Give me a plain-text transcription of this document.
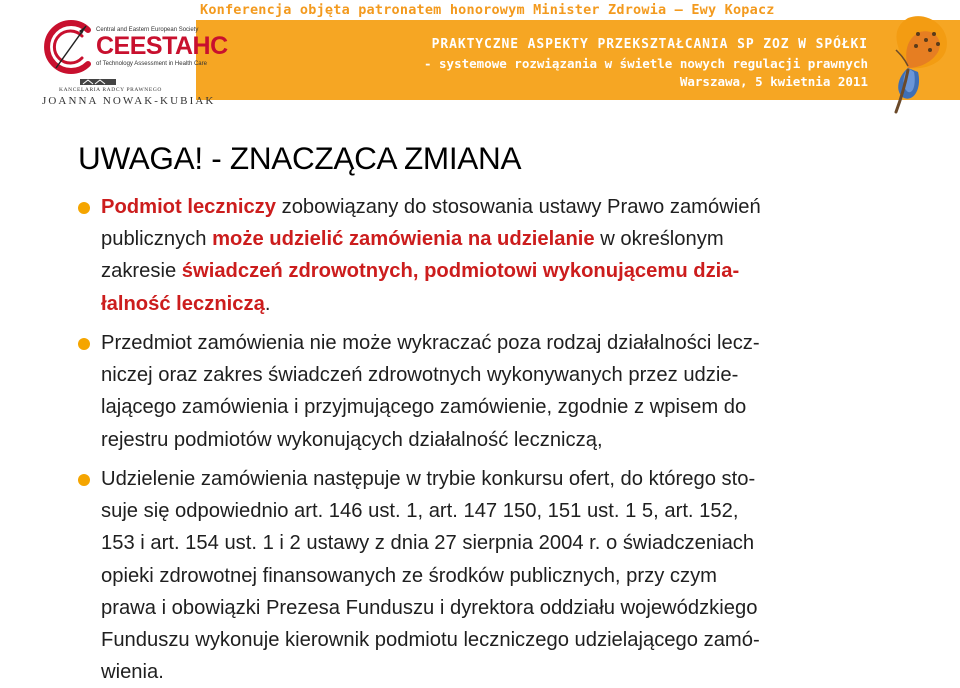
Konferencja objęta patronatem honorowym Minister Zdrowia – Ewy Kopacz
PRAKTYCZNE ASPEKTY PRZEKSZTAŁCANIA SP ZOZ W SPÓŁKI
- systemowe rozwiązania w świetle nowych regulacji prawnych
Warszawa, 5 kwietnia 2011
Central and Eastern European Society
CEESTAHC
of Technology Assessment in Health Care
KANCELARIA RADCY PRAWNEGO
JOANNA NOWAK-KUBIAK
UWAGA! - ZNACZĄCA ZMIANA
Podmiot leczniczy zobowiązany do stosowania ustawy Prawo zamówień
publicznych może udzielić zamówienia na udzielanie w określonym
zakresie świadczeń zdrowotnych, podmiotowi wykonującemu dzia-
łalność leczniczą.
Przedmiot zamówienia nie może wykraczać poza rodzaj działalności lecz-
niczej oraz zakres świadczeń zdrowotnych wykonywanych przez udzie-
lającego zamówienia i przyjmującego zamówienie, zgodnie z wpisem do
rejestru podmiotów wykonujących działalność leczniczą,
Udzielenie zamówienia następuje w trybie konkursu ofert, do którego sto-
suje się odpowiednio art. 146 ust. 1, art. 147 150, 151 ust. 1 5, art. 152,
153 i art. 154 ust. 1 i 2 ustawy z dnia 27 sierpnia 2004 r. o świadczeniach
opieki zdrowotnej finansowanych ze środków publicznych, przy czym
prawa i obowiązki Prezesa Funduszu i dyrektora oddziału wojewódzkiego
Funduszu wykonuje kierownik podmiotu leczniczego udzielającego zamó-
wienia.
